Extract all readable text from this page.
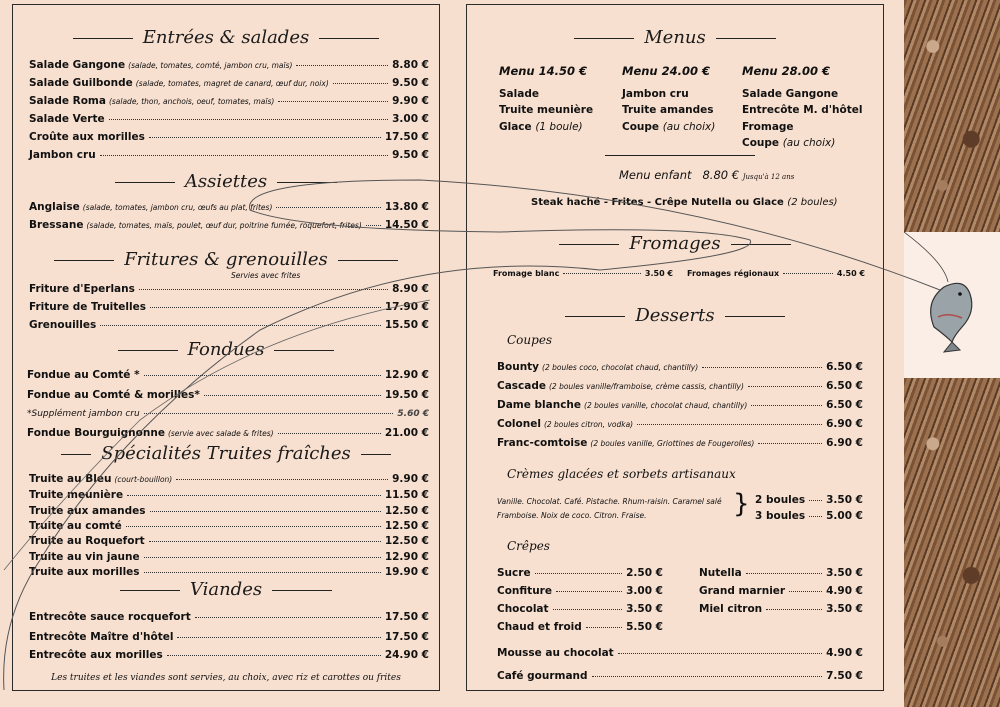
Entrées & salades
Salade Gangone (salade, tomates, comté, jambon cru, maïs)	8.80 €
Salade Guilbonde (salade, tomates, magret de canard, œuf dur, noix)	9.50 €
Salade Roma (salade, thon, anchois, oeuf, tomates, maïs)	9.90 €
Salade Verte	3.00 €
Croûte aux morilles	17.50 €
Jambon cru	9.50 €
Assiettes
Anglaise (salade, tomates, jambon cru, œufs au plat, frites)	13.80 €
Bressane (salade, tomates, maïs, poulet, œuf dur, poitrine fumée, roquefort, frites) 14.50 €
Fritures & grenouilles
Servies avec frites
Friture d'Eperlans	8.90 €
Friture de Truitelles	17.90 €
Grenouilles	15.50 €
Fondues
Fondue au Comté *	12.90 €
Fondue au Comté & morilles*	19.50 €
*Supplément jambon cru	5.60 €
Fondue Bourguignonne (servie avec salade & frites)	21.00 €
Spécialités Truites fraîches
Truite au Bleu (court-bouillon)	9.90 €
Truite meunière	11.50 €
Truite aux amandes	12.50 €
Truite au comté	12.50 €
Truite au Roquefort	12.50 €
Truite au vin jaune	12.90 €
Truite aux morilles	19.90 €
Viandes
Entrecôte sauce rocquefort	17.50 €
Entrecôte Maître d'hôtel	17.50 €
Entrecôte aux morilles	24.90 €
Les truites et les viandes sont servies, au choix, avec riz et carottes ou frites
Menus
Menu 14.50 €
Salade
Truite meunière
Glace (1 boule)
Menu 24.00 €
Jambon cru
Truite amandes
Coupe (au choix)
Menu 28.00 €
Salade Gangone
Entrecôte M. d'hôtel
Fromage
Coupe (au choix)
Menu enfant 8.80 € Jusqu'à 12 ans
Steak haché - Frites - Crêpe Nutella ou Glace (2 boules)
Fromages
Fromage blanc	3.50 € Fromages régionaux	4.50 €
Desserts
Coupes
Bounty (2 boules coco, chocolat chaud, chantilly)	6.50 €
Cascade (2 boules vanille/framboise, crème cassis, chantilly)	6.50 €
Dame blanche (2 boules vanille, chocolat chaud, chantilly)	6.50 €
Colonel (2 boules citron, vodka)	6.90 €
Franc-comtoise (2 boules vanille, Griottines de Fougerolles)	6.90 €
Crèmes glacées et sorbets artisanaux
Vanille. Chocolat. Café. Pistache. Rhum-raisin. Caramel salé
Framboise. Noix de coco. Citron. Fraise.	} 2 boules 3.50 €
3 boules 5.00 €
Crêpes
Sucre	2.50 €
Confiture	3.00 €
Chocolat	3.50 €
Chaud et froid	5.50 €
Nutella	3.50 €
Grand marnier	4.90 €
Miel citron	3.50 €
Mousse au chocolat	4.90 €
Café gourmand	7.50 €
